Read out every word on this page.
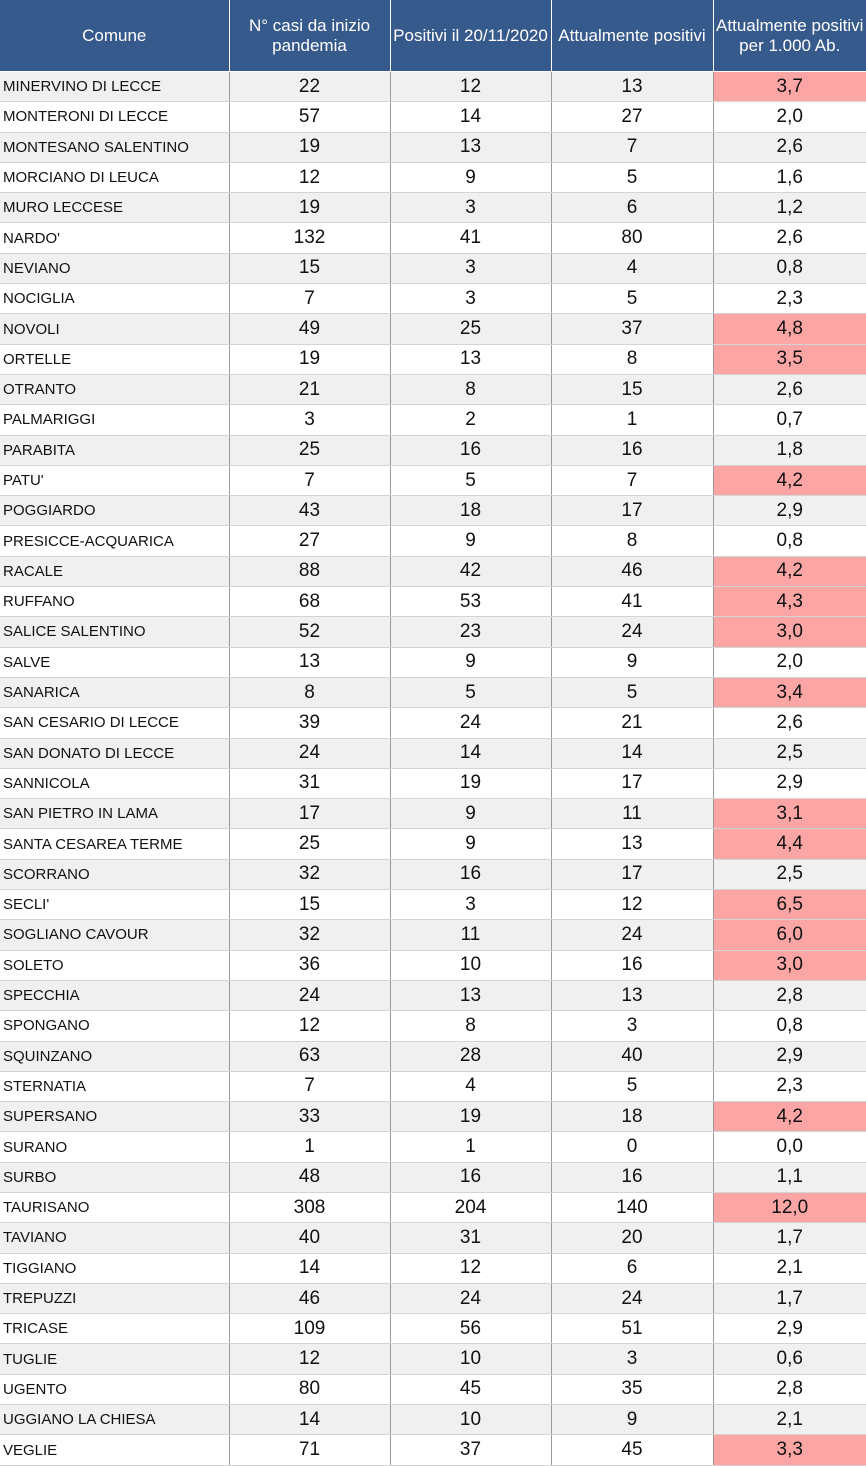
Comune	N° casi da inizio pandemia	Positivi il 20/11/2020	Attualmente positivi	Attualmente positivi per 1.000 Ab.

MINERVINO DI LECCE	22	12	13	3,7
MONTERONI DI LECCE	57	14	27	2,0
MONTESANO SALENTINO	19	13	7	2,6
MORCIANO DI LEUCA	12	9	5	1,6
MURO LECCESE	19	3	6	1,2
NARDO'	132	41	80	2,6
NEVIANO	15	3	4	0,8
NOCIGLIA	7	3	5	2,3
NOVOLI	49	25	37	4,8
ORTELLE	19	13	8	3,5
OTRANTO	21	8	15	2,6
PALMARIGGI	3	2	1	0,7
PARABITA	25	16	16	1,8
PATU'	7	5	7	4,2
POGGIARDO	43	18	17	2,9
PRESICCE-ACQUARICA	27	9	8	0,8
RACALE	88	42	46	4,2
RUFFANO	68	53	41	4,3
SALICE SALENTINO	52	23	24	3,0
SALVE	13	9	9	2,0
SANARICA	8	5	5	3,4
SAN CESARIO DI LECCE	39	24	21	2,6
SAN DONATO DI LECCE	24	14	14	2,5
SANNICOLA	31	19	17	2,9
SAN PIETRO IN LAMA	17	9	11	3,1
SANTA CESAREA TERME	25	9	13	4,4
SCORRANO	32	16	17	2,5
SECLI'	15	3	12	6,5
SOGLIANO CAVOUR	32	11	24	6,0
SOLETO	36	10	16	3,0
SPECCHIA	24	13	13	2,8
SPONGANO	12	8	3	0,8
SQUINZANO	63	28	40	2,9
STERNATIA	7	4	5	2,3
SUPERSANO	33	19	18	4,2
SURANO	1	1	0	0,0
SURBO	48	16	16	1,1
TAURISANO	308	204	140	12,0
TAVIANO	40	31	20	1,7
TIGGIANO	14	12	6	2,1
TREPUZZI	46	24	24	1,7
TRICASE	109	56	51	2,9
TUGLIE	12	10	3	0,6
UGENTO	80	45	35	2,8
UGGIANO LA CHIESA	14	10	9	2,1
VEGLIE	71	37	45	3,3
